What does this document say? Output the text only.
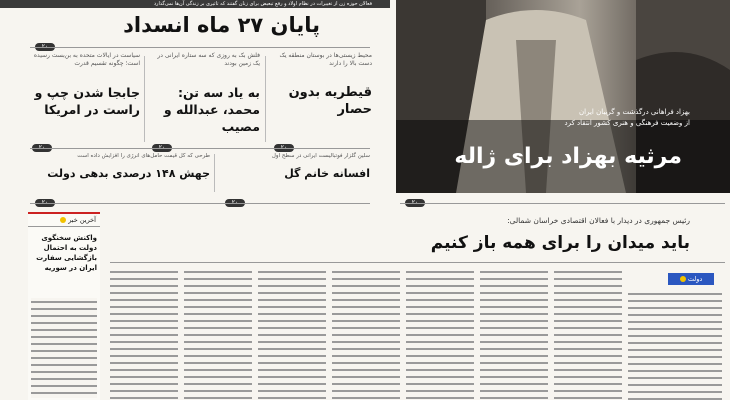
فعالان حوزه زن از تغییرات در نظام اولاد و رفع تبعیض برای زنان گفتند که تاثیری بر زندگی آن‌ها نمی‌گذارد
پایان ۲۷ ماه انسداد
سیاست در ایالات متحده به بن‌بست رسیده است؛ چگونه تقسیم قدرت
جابجا شدن چپ و راست در امریکا
فلش بک به روزی که سه ستاره ایرانی در یک زمین بودند
به یاد سه تن: محمد، عبدالله و مصیب
محیط زیستی‌ها در بوستان منطقه یک دست بالا را دارند
قیطریه بدون حصار
طرحی که کل قیمت حامل‌های انرژی را افزایش داده است
جهش ۱۴۸ درصدی بدهی دولت
سلین گلزار فوتبالیست ایرانی در سطح اول
افسانه خانم گل
بهزاد فراهانی درگذشت و گریبان ایران
از وضعیت فرهنگی و هنری کشور انتقاد کرد
مرثیه بهزاد برای ژاله
رئیس جمهوری در دیدار با فعالان اقتصادی خراسان شمالی:
باید میدان را برای همه باز کنیم
دولت
آخرین خبر
واکنش سخنگوی دولت به احتمال بازگشایی سفارت ایران در سوریه
